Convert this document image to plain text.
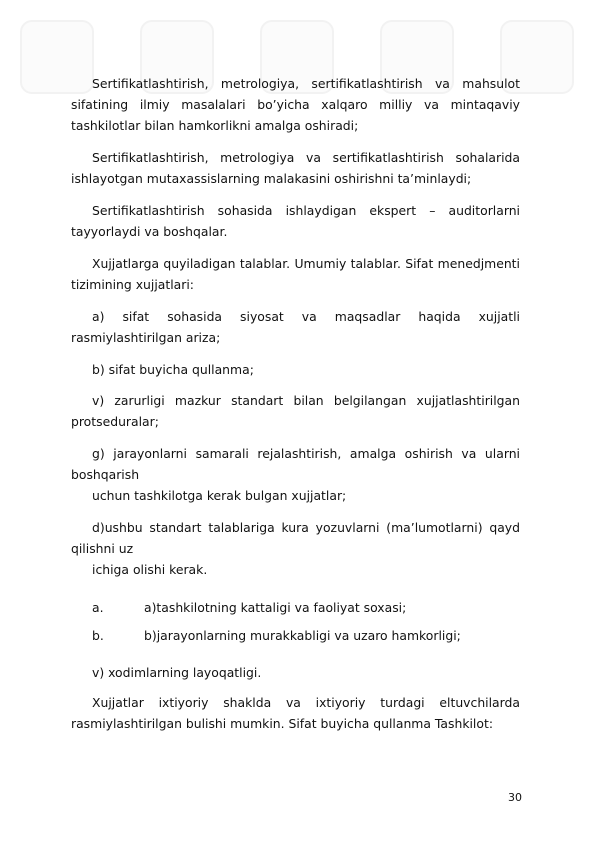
Sertifikatlashtirish, metrologiya, sertifikatlashtirish va mahsulot sifatining ilmiy masalalari bo’yicha xalqaro milliy va mintaqaviy tashkilotlar bilan hamkorlikni amalga oshiradi;

Sertifikatlashtirish, metrologiya va sertifikatlashtirish sohalarida ishlayotgan mutaxassislarning malakasini oshirishni ta’minlaydi;

Sertifikatlashtirish sohasida ishlaydigan ekspert – auditorlarni tayyorlaydi va boshqalar.

Xujjatlarga quyiladigan talablar. Umumiy talablar. Sifat menedjmenti tizimining xujjatlari:

a) sifat sohasida siyosat va maqsadlar haqida xujjatli rasmiylashtirilgan ariza;

b) sifat buyicha qullanma;

v) zarurligi mazkur standart bilan belgilangan xujjatlashtirilgan protseduralar;

g) jarayonlarni samarali rejalashtirish, amalga oshirish va ularni boshqarish

uchun tashkilotga kerak bulgan xujjatlar;

d)ushbu standart talablariga kura yozuvlarni (ma’lumotlarni) qayd qilishni uz

ichiga olishi kerak.

a.	a)tashkilotning kattaligi va faoliyat soxasi;
b.	b)jarayonlarning murakkabligi va uzaro hamkorligi;

v) xodimlarning layoqatligi.

Xujjatlar ixtiyoriy shaklda va ixtiyoriy turdagi eltuvchilarda rasmiylashtirilgan bulishi mumkin. Sifat buyicha qullanma Tashkilot:

30
